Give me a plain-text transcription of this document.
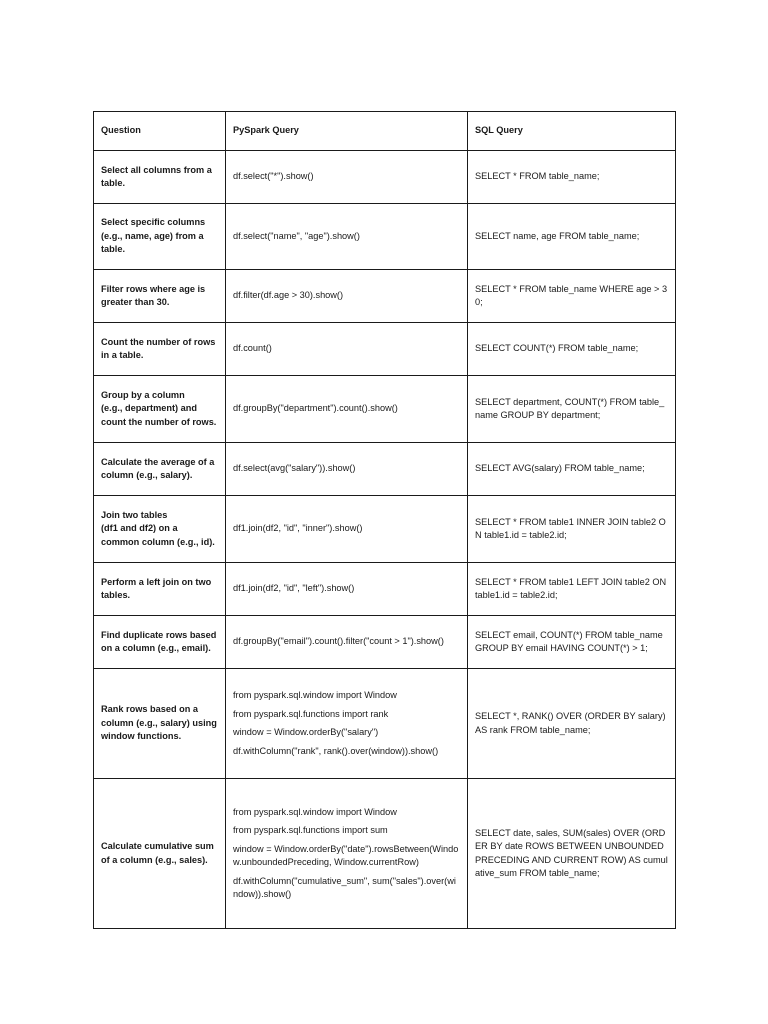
Question	PySpark Query	SQL Query

Select all columns from a table.	df.select("*").show()	SELECT * FROM table_name;

Select specific columns (e.g., name, age) from a table.	df.select("name", "age").show()	SELECT name, age FROM table_name;

Filter rows where age is greater than 30.	df.filter(df.age > 30).show()	SELECT * FROM table_name WHERE age > 30;

Count the number of rows in a table.	df.count()	SELECT COUNT(*) FROM table_name;

Group by a column
(e.g., department) and count the number of rows.	df.groupBy("department").count().show()	SELECT department, COUNT(*) FROM table_name GROUP BY department;

Calculate the average of a column (e.g., salary).	df.select(avg("salary")).show()	SELECT AVG(salary) FROM table_name;

Join two tables
(df1 and df2) on a common column (e.g., id).	df1.join(df2, "id", "inner").show()	SELECT * FROM table1 INNER JOIN table2 ON table1.id = table2.id;

Perform a left join on two tables.	df1.join(df2, "id", "left").show()	SELECT * FROM table1 LEFT JOIN table2 ON table1.id = table2.id;

Find duplicate rows based on a column (e.g., email).	df.groupBy("email").count().filter("count > 1").show()	SELECT email, COUNT(*) FROM table_name GROUP BY email HAVING COUNT(*) > 1;

Rank rows based on a column (e.g., salary) using window functions.	from pyspark.sql.window import Window
from pyspark.sql.functions import rank
window = Window.orderBy("salary")
df.withColumn("rank", rank().over(window)).show()	SELECT *, RANK() OVER (ORDER BY salary) AS rank FROM table_name;

Calculate cumulative sum of a column (e.g., sales).	from pyspark.sql.window import Window
from pyspark.sql.functions import sum
window = Window.orderBy("date").rowsBetween(Window.unboundedPreceding, Window.currentRow)
df.withColumn("cumulative_sum", sum("sales").over(window)).show()	SELECT date, sales, SUM(sales) OVER (ORDER BY date ROWS BETWEEN UNBOUNDED PRECEDING AND CURRENT ROW) AS cumulative_sum FROM table_name;
